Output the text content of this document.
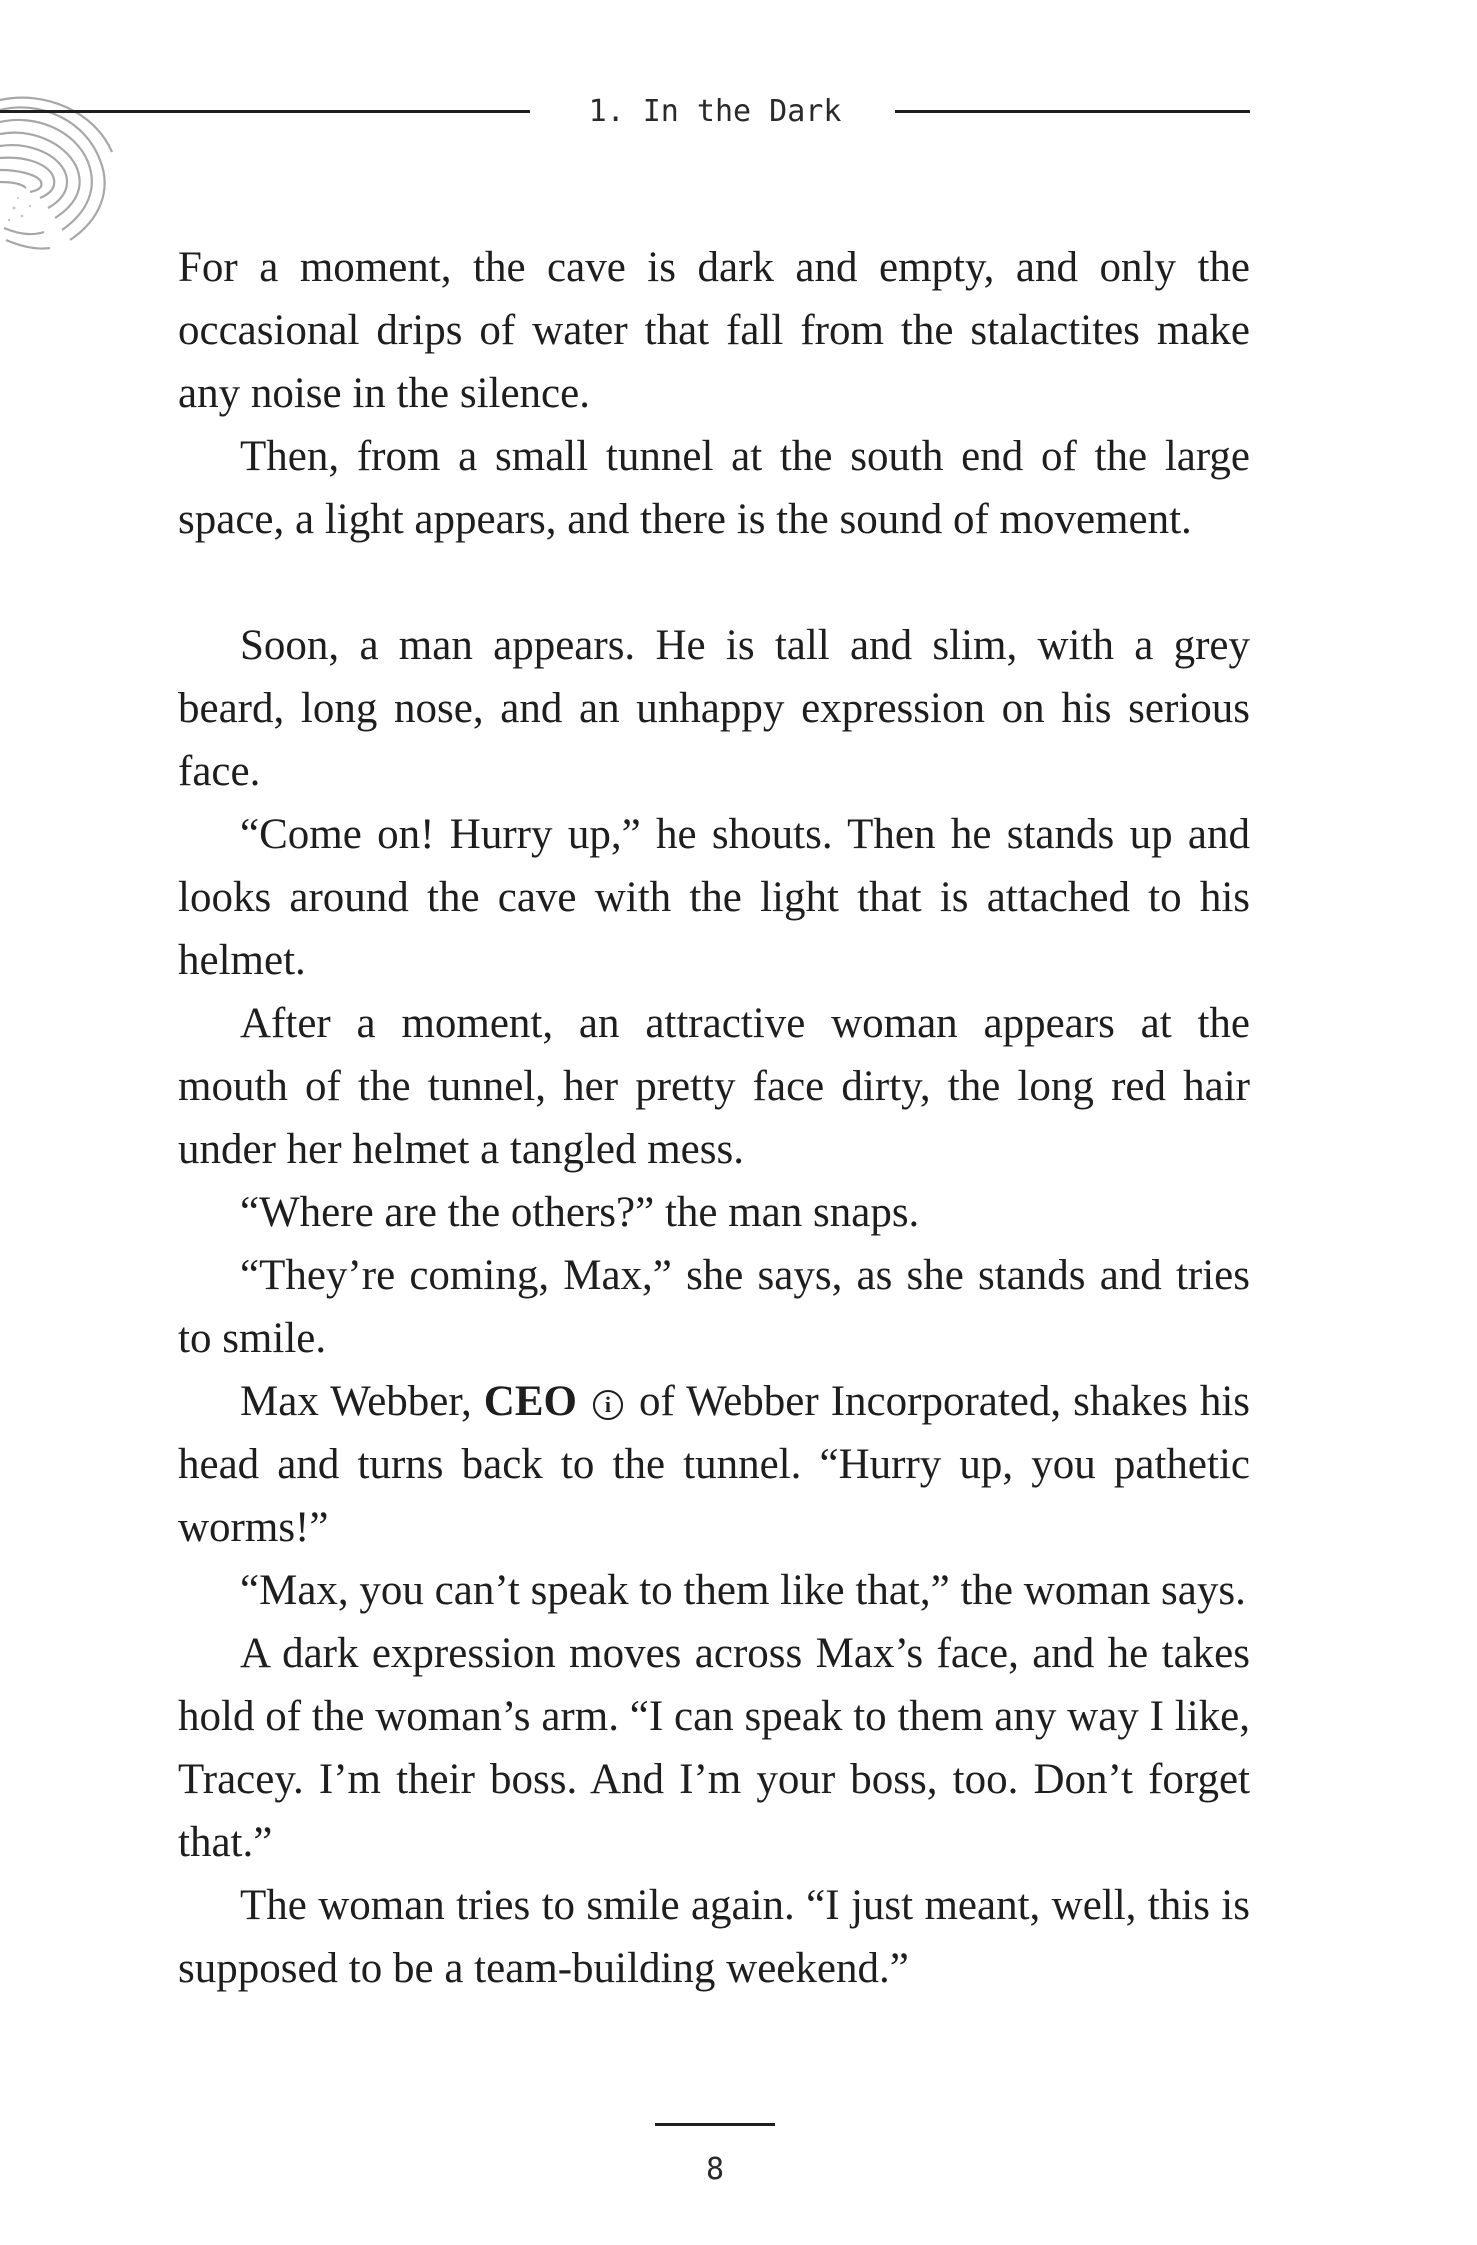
1. In the Dark

For a moment, the cave is dark and empty, and only the occasional drips of water that fall from the stalactites make any noise in the silence.

Then, from a small tunnel at the south end of the large space, a light appears, and there is the sound of movement.

Soon, a man appears. He is tall and slim, with a grey beard, long nose, and an unhappy expression on his serious face.

“Come on! Hurry up,” he shouts. Then he stands up and looks around the cave with the light that is attached to his helmet.

After a moment, an attractive woman appears at the mouth of the tunnel, her pretty face dirty, the long red hair under her helmet a tangled mess.

“Where are the others?” the man snaps.

“They’re coming, Max,” she says, as she stands and tries to smile.

Max Webber, CEO i of Webber Incorporated, shakes his head and turns back to the tunnel. “Hurry up, you pathetic worms!”

“Max, you can’t speak to them like that,” the woman says.

A dark expression moves across Max’s face, and he takes hold of the woman’s arm. “I can speak to them any way I like, Tracey. I’m their boss. And I’m your boss, too. Don’t forget that.”

The woman tries to smile again. “I just meant, well, this is supposed to be a team-building weekend.”

8
